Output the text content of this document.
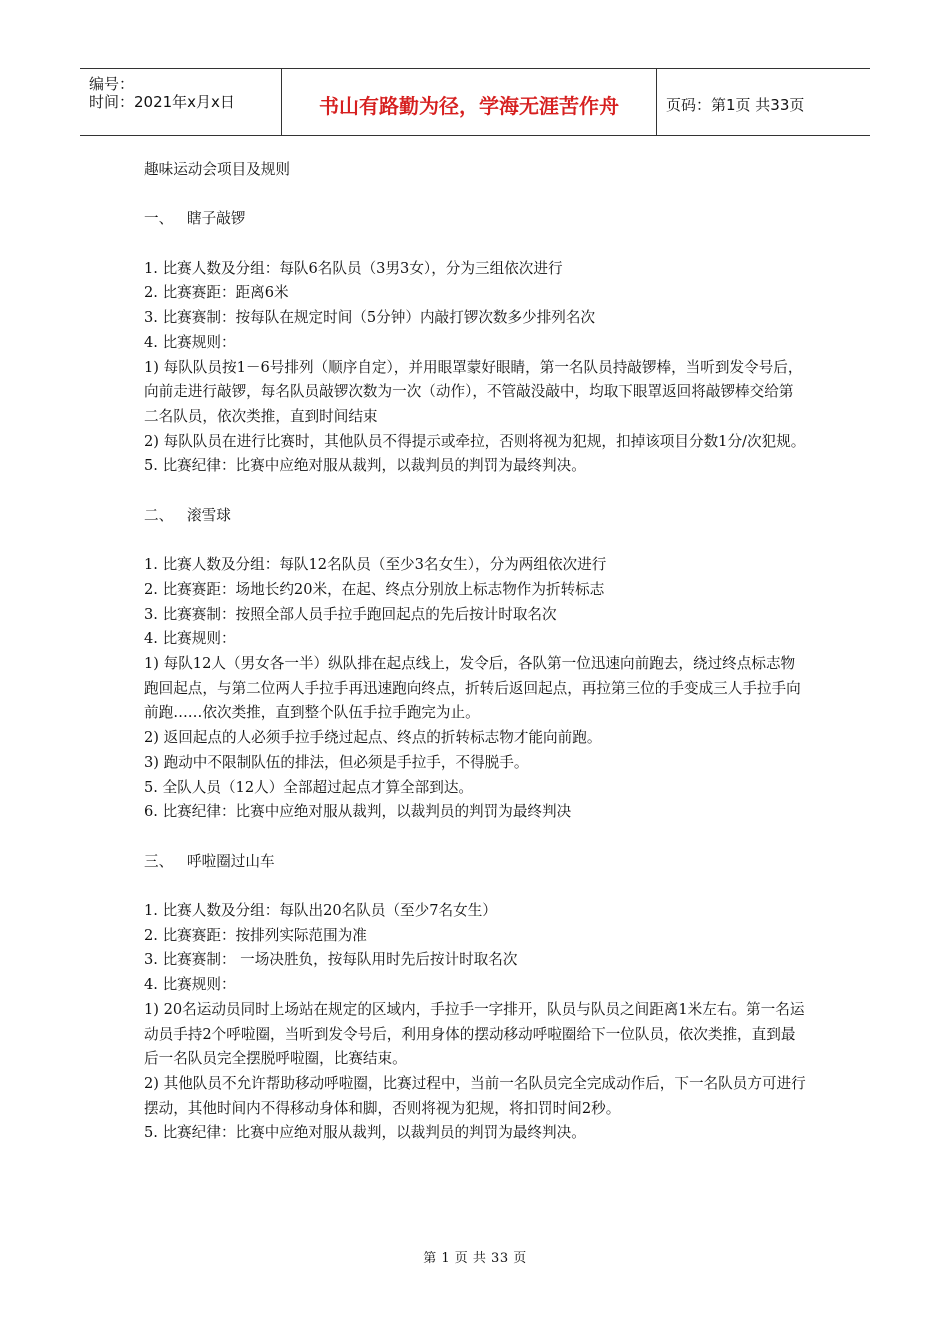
编号：
时间：2021年x月x日	书山有路勤为径，学海无涯苦作舟	页码：第1页 共33页

趣味运动会项目及规则

一、 瞎子敲锣

1. 比赛人数及分组：每队6名队员（3男3女），分为三组依次进行

2. 比赛赛距：距离6米

3. 比赛赛制：按每队在规定时间（5分钟）内敲打锣次数多少排列名次

4. 比赛规则：

1) 每队队员按1－6号排列（顺序自定），并用眼罩蒙好眼睛，第一名队员持敲锣棒，当听到发令号后，向前走进行敲锣，每名队员敲锣次数为一次（动作），不管敲没敲中，均取下眼罩返回将敲锣棒交给第二名队员，依次类推，直到时间结束

2) 每队队员在进行比赛时，其他队员不得提示或牵拉，否则将视为犯规，扣掉该项目分数1分/次犯规。

5. 比赛纪律：比赛中应绝对服从裁判，以裁判员的判罚为最终判决。

二、 滚雪球

1. 比赛人数及分组：每队12名队员（至少3名女生），分为两组依次进行

2. 比赛赛距：场地长约20米，在起、终点分别放上标志物作为折转标志

3. 比赛赛制：按照全部人员手拉手跑回起点的先后按计时取名次

4. 比赛规则：

1) 每队12人（男女各一半）纵队排在起点线上，发令后，各队第一位迅速向前跑去，绕过终点标志物跑回起点，与第二位两人手拉手再迅速跑向终点，折转后返回起点，再拉第三位的手变成三人手拉手向前跑……依次类推，直到整个队伍手拉手跑完为止。

2) 返回起点的人必须手拉手绕过起点、终点的折转标志物才能向前跑。

3) 跑动中不限制队伍的排法，但必须是手拉手，不得脱手。

5. 全队人员（12人）全部超过起点才算全部到达。

6. 比赛纪律：比赛中应绝对服从裁判，以裁判员的判罚为最终判决

三、 呼啦圈过山车

1. 比赛人数及分组：每队出20名队员（至少7名女生）

2. 比赛赛距：按排列实际范围为准

3. 比赛赛制： 一场决胜负，按每队用时先后按计时取名次

4. 比赛规则：

1) 20名运动员同时上场站在规定的区域内，手拉手一字排开，队员与队员之间距离1米左右。第一名运动员手持2个呼啦圈，当听到发令号后，利用身体的摆动移动呼啦圈给下一位队员，依次类推，直到最后一名队员完全摆脱呼啦圈，比赛结束。

2) 其他队员不允许帮助移动呼啦圈，比赛过程中，当前一名队员完全完成动作后，下一名队员方可进行摆动，其他时间内不得移动身体和脚，否则将视为犯规，将扣罚时间2秒。

5. 比赛纪律：比赛中应绝对服从裁判，以裁判员的判罚为最终判决。

第 1 页 共 33 页
